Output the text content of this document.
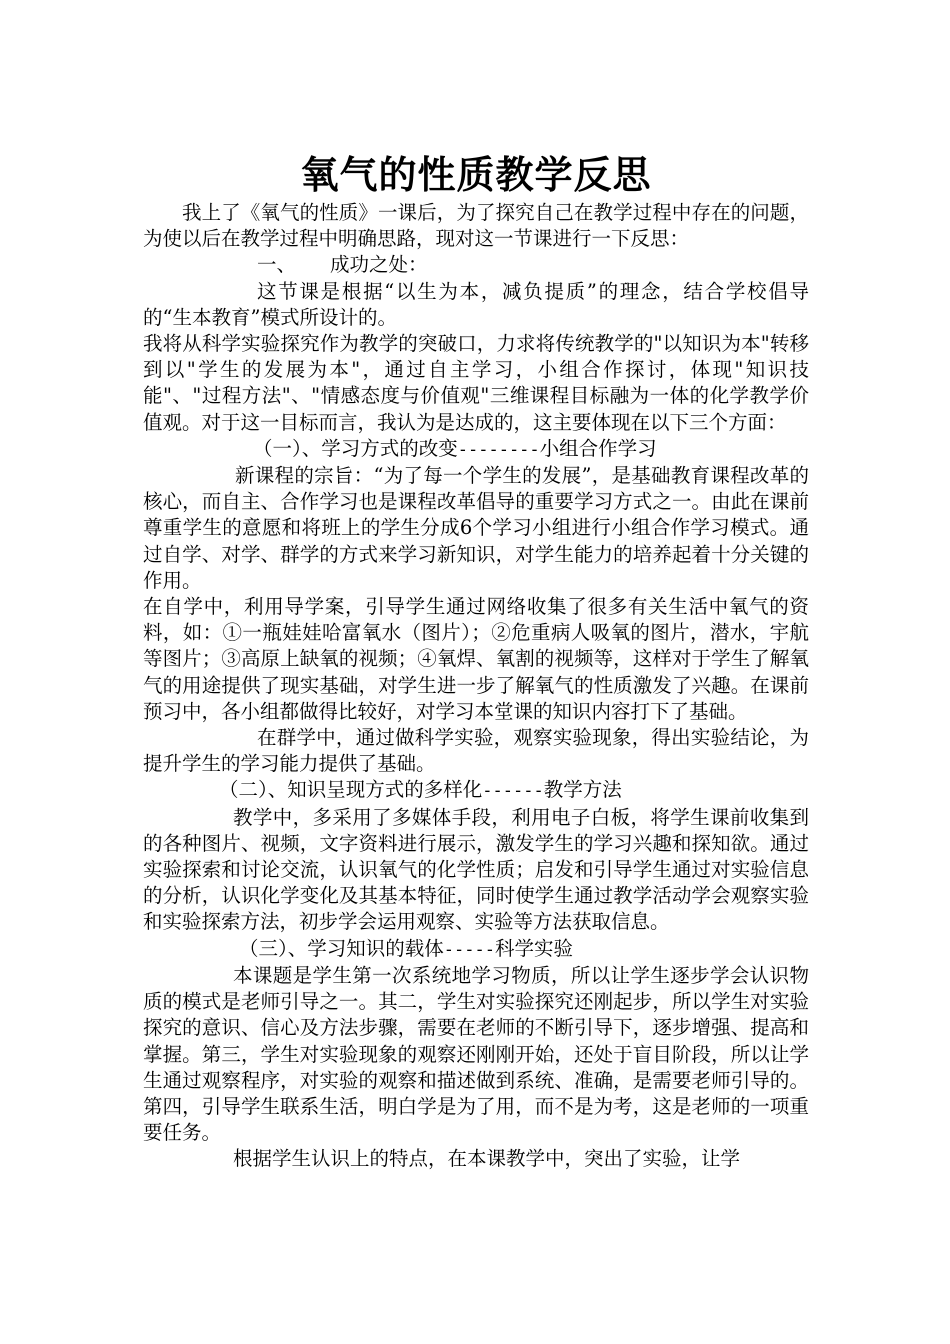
氧气的性质教学反思

我上了《氧气的性质》一课后，为了探究自己在教学过程中存在的问题，为使以后在教学过程中明确思路，现对这一节课进行一下反思：

一、 成功之处：

这节课是根据“以生为本，减负提质”的理念，结合学校倡导的“生本教育”模式所设计的。

我将从科学实验探究作为教学的突破口，力求将传统教学的"以知识为本"转移到以"学生的发展为本"，通过自主学习，小组合作探讨，体现"知识技能"、"过程方法"、"情感态度与价值观"三维课程目标融为一体的化学教学价值观。对于这一目标而言，我认为是达成的，这主要体现在以下三个方面：

（一）、学习方式的改变--------小组合作学习

新课程的宗旨：“为了每一个学生的发展”，是基础教育课程改革的核心，而自主、合作学习也是课程改革倡导的重要学习方式之一。由此在课前尊重学生的意愿和将班上的学生分成6个学习小组进行小组合作学习模式。通过自学、对学、群学的方式来学习新知识，对学生能力的培养起着十分关键的作用。

在自学中，利用导学案，引导学生通过网络收集了很多有关生活中氧气的资料，如：①一瓶娃娃哈富氧水（图片）；②危重病人吸氧的图片，潜水，宇航等图片；③高原上缺氧的视频；④氧焊、氧割的视频等，这样对于学生了解氧气的用途提供了现实基础，对学生进一步了解氧气的性质激发了兴趣。在课前预习中，各小组都做得比较好，对学习本堂课的知识内容打下了基础。

在群学中，通过做科学实验，观察实验现象，得出实验结论，为提升学生的学习能力提供了基础。

（二）、知识呈现方式的多样化------教学方法

教学中，多采用了多媒体手段，利用电子白板，将学生课前收集到的各种图片、视频，文字资料进行展示，激发学生的学习兴趣和探知欲。通过实验探索和讨论交流，认识氧气的化学性质；启发和引导学生通过对实验信息的分析，认识化学变化及其基本特征，同时使学生通过教学活动学会观察实验和实验探索方法，初步学会运用观察、实验等方法获取信息。

（三）、学习知识的载体-----科学实验

本课题是学生第一次系统地学习物质，所以让学生逐步学会认识物质的模式是老师引导之一。其二，学生对实验探究还刚起步，所以学生对实验探究的意识、信心及方法步骤，需要在老师的不断引导下，逐步增强、提高和掌握。第三，学生对实验现象的观察还刚刚开始，还处于盲目阶段，所以让学生通过观察程序，对实验的观察和描述做到系统、准确，是需要老师引导的。第四，引导学生联系生活，明白学是为了用，而不是为考，这是老师的一项重要任务。

根据学生认识上的特点，在本课教学中，突出了实验，让学
